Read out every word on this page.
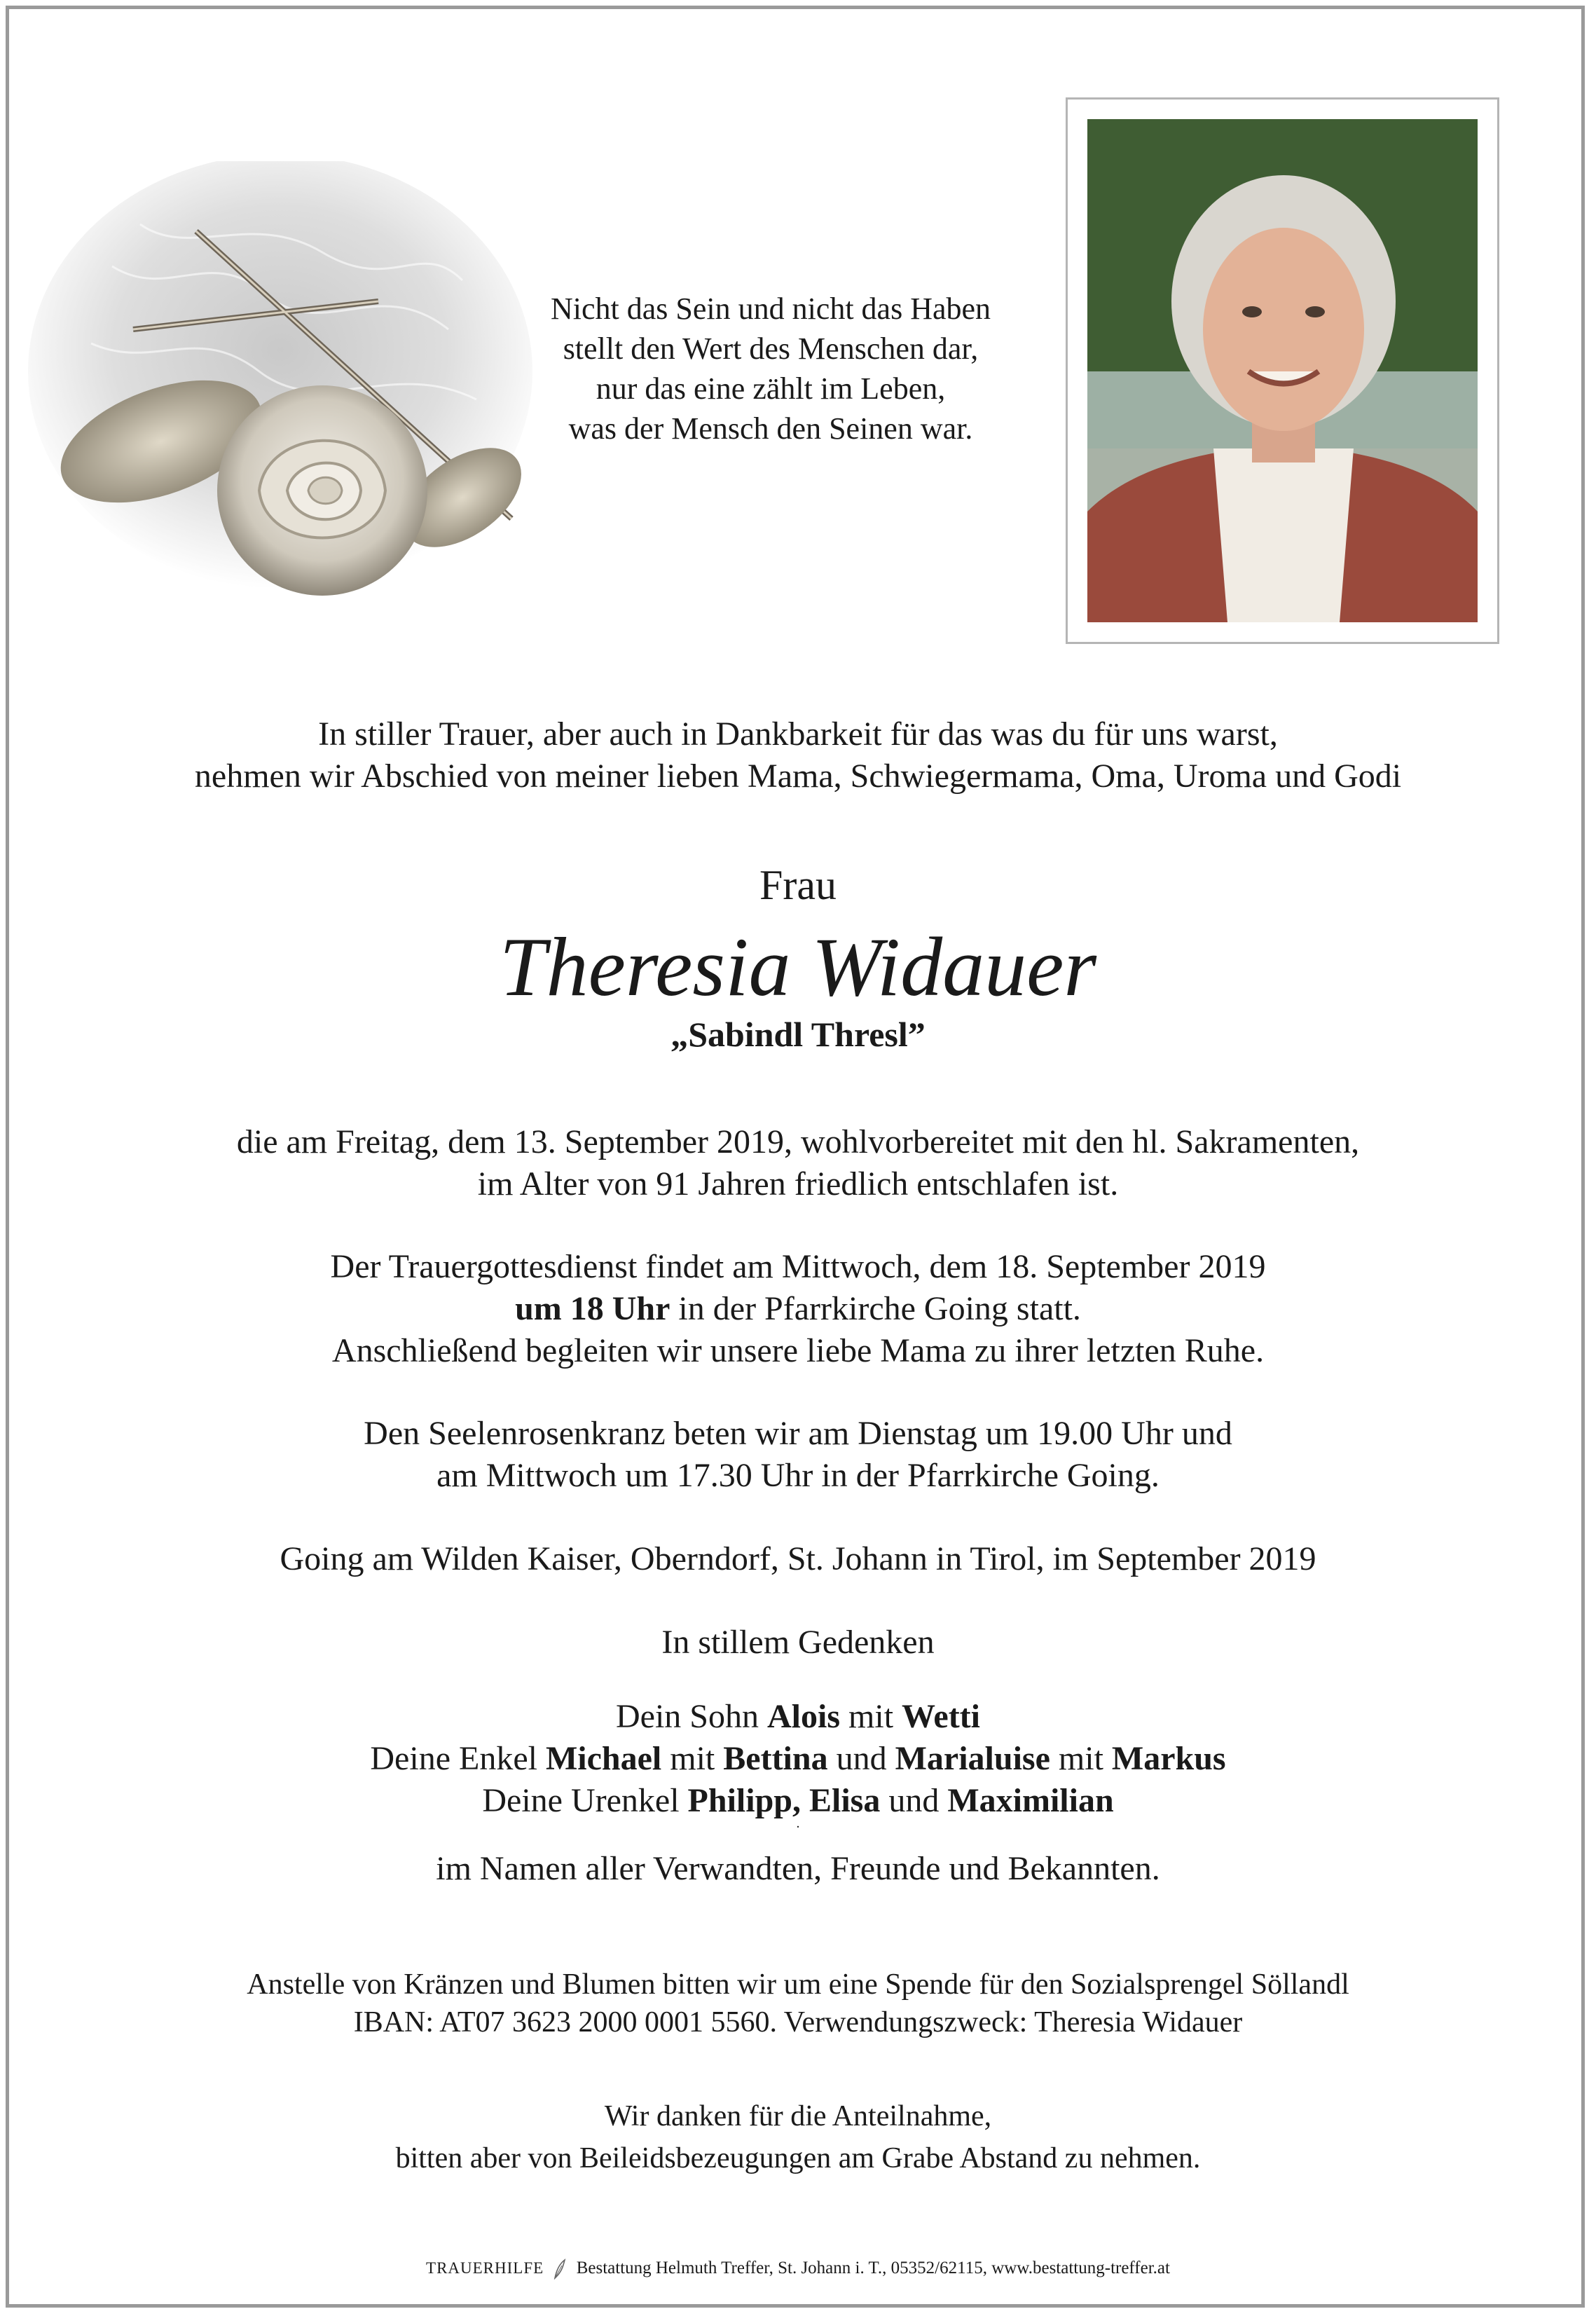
Nicht das Sein und nicht das Haben
stellt den Wert des Menschen dar,
nur das eine zählt im Leben,
was der Mensch den Seinen war.
In stiller Trauer, aber auch in Dankbarkeit für das was du für uns warst,
nehmen wir Abschied von meiner lieben Mama, Schwiegermama, Oma, Uroma und Godi
Frau
Theresia Widauer
„Sabindl Thresl”
die am Freitag, dem 13. September 2019, wohlvorbereitet mit den hl. Sakramenten,
im Alter von 91 Jahren friedlich entschlafen ist.
Der Trauergottesdienst findet am Mittwoch, dem 18. September 2019
um 18 Uhr in der Pfarrkirche Going statt.
Anschließend begleiten wir unsere liebe Mama zu ihrer letzten Ruhe.
Den Seelenrosenkranz beten wir am Dienstag um 19.00 Uhr und
am Mittwoch um 17.30 Uhr in der Pfarrkirche Going.
Going am Wilden Kaiser, Oberndorf, St. Johann in Tirol, im September 2019
In stillem Gedenken
Dein Sohn Alois mit Wetti
Deine Enkel Michael mit Bettina und Marialuise mit Markus
Deine Urenkel Philipp, Elisa und Maximilian
.
im Namen aller Verwandten, Freunde und Bekannten.
Anstelle von Kränzen und Blumen bitten wir um eine Spende für den Sozialsprengel Söllandl
IBAN: AT07 3623 2000 0001 5560. Verwendungszweck: Theresia Widauer
Wir danken für die Anteilnahme,
bitten aber von Beileidsbezeugungen am Grabe Abstand zu nehmen.
TRAUERHILFE  Bestattung Helmuth Treffer, St. Johann i. T., 05352/62115, www.bestattung-treffer.at
